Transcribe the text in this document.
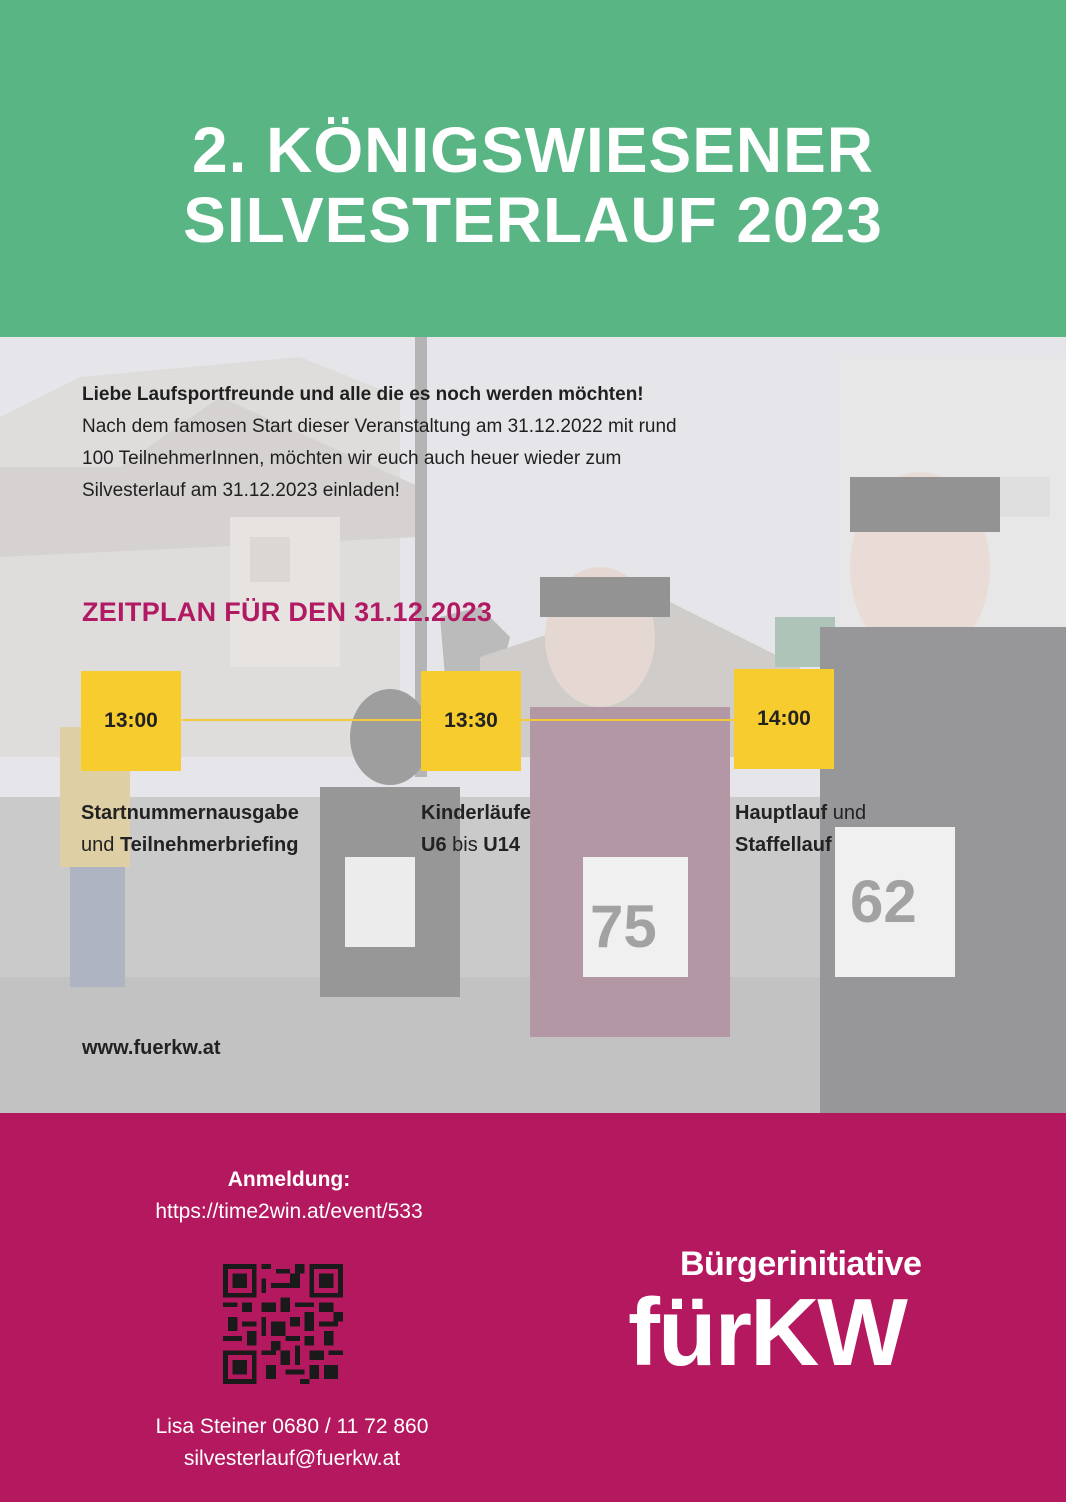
2. KÖNIGSWIESENER
SILVESTERLAUF 2023
Liebe Laufsportfreunde und alle die es noch werden möchten!
Nach dem famosen Start dieser Veranstaltung am 31.12.2022 mit rund
100 TeilnehmerInnen, möchten wir euch auch heuer wieder zum
Silvesterlauf am 31.12.2023 einladen!
ZEITPLAN FÜR DEN 31.12.2023
13:00	13:30	14:00
Startnummernausgabe
und Teilnehmerbriefing
Kinderläufe
U6 bis U14
Hauptlauf und
Staffellauf
www.fuerkw.at
Anmeldung:
https://time2win.at/event/533
Lisa Steiner 0680 / 11 72 860
silvesterlauf@fuerkw.at
Bürgerinitiative
fürKW
